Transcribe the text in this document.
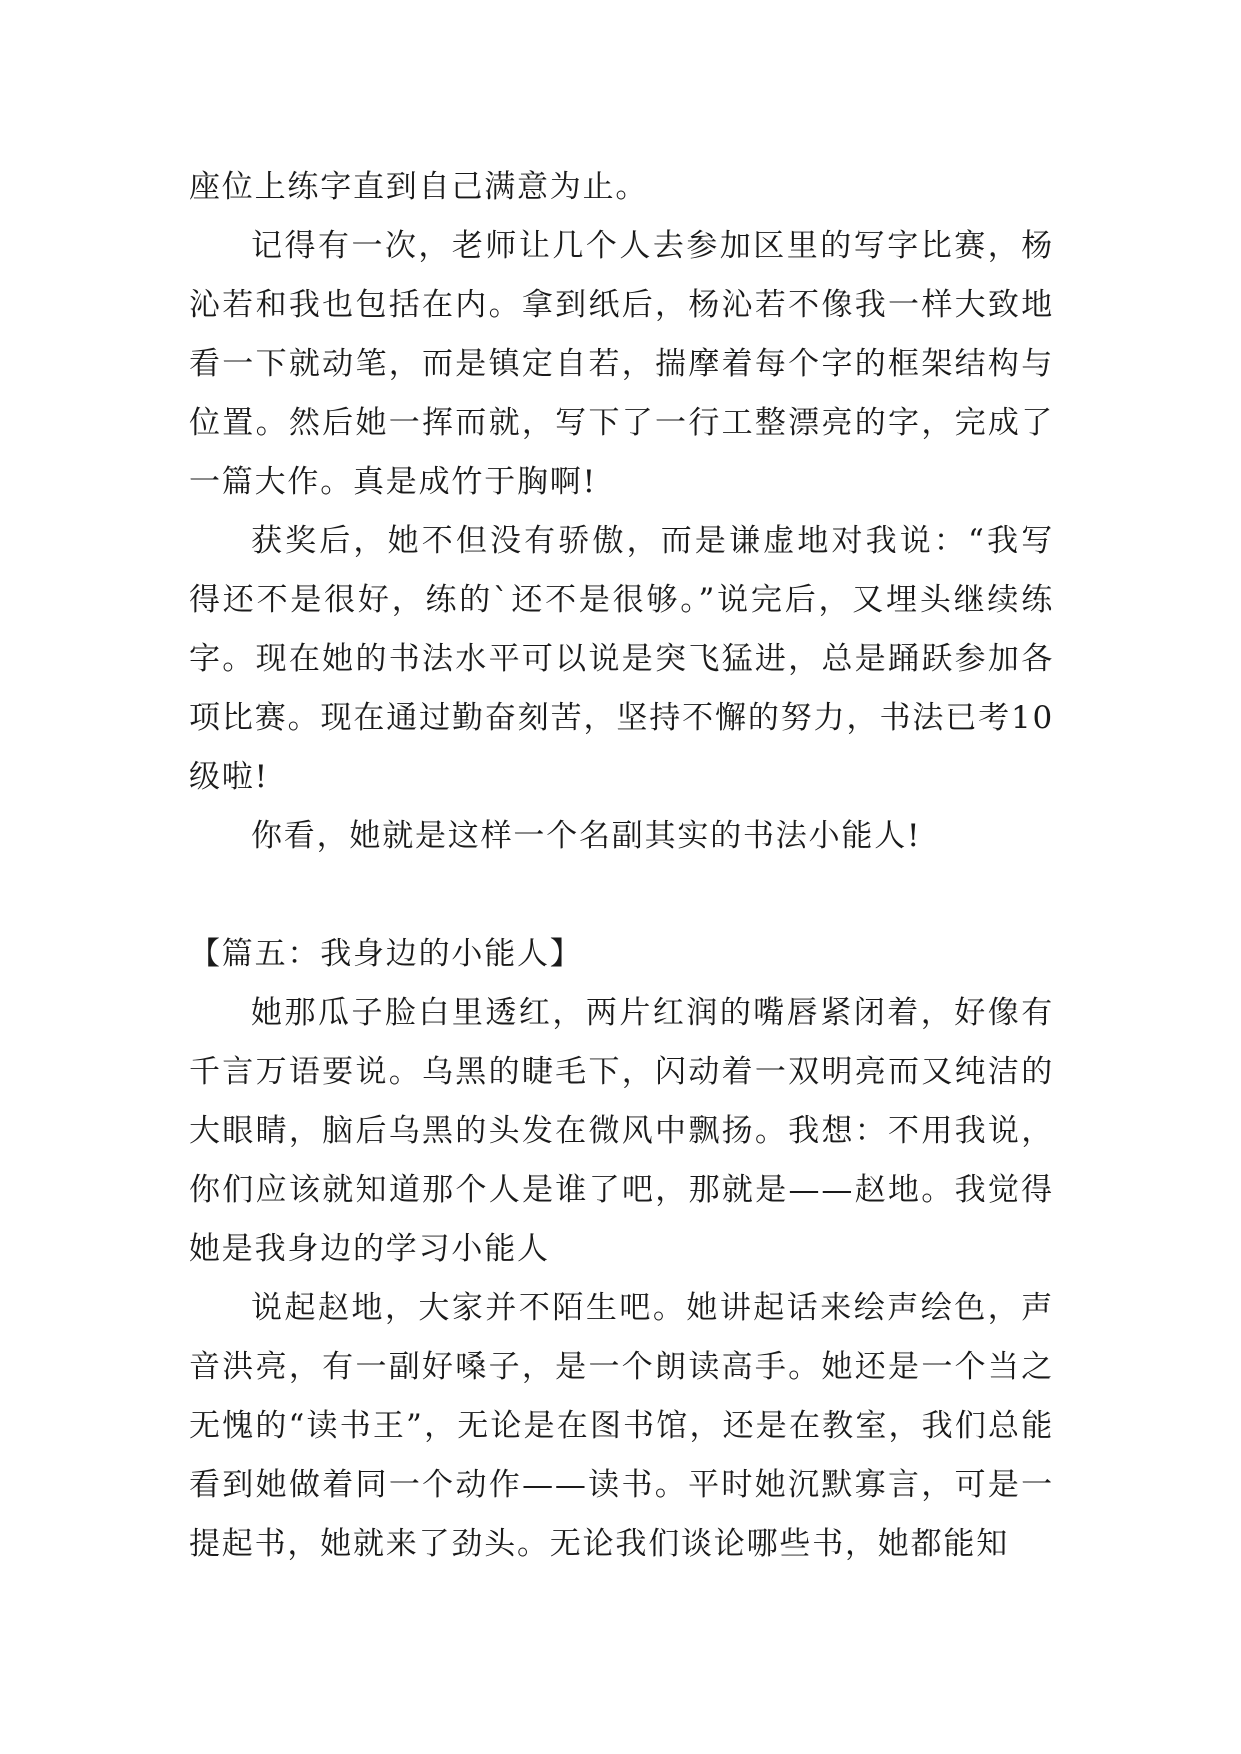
座位上练字直到自己满意为止。

记得有一次，老师让几个人去参加区里的写字比赛，杨沁若和我也包括在内。拿到纸后，杨沁若不像我一样大致地看一下就动笔，而是镇定自若，揣摩着每个字的框架结构与位置。然后她一挥而就，写下了一行工整漂亮的字，完成了一篇大作。真是成竹于胸啊!

获奖后，她不但没有骄傲，而是谦虚地对我说：“我写得还不是很好，练的`还不是很够。”说完后，又埋头继续练字。现在她的书法水平可以说是突飞猛进，总是踊跃参加各项比赛。现在通过勤奋刻苦，坚持不懈的努力，书法已考10级啦!

你看，她就是这样一个名副其实的书法小能人!

【篇五：我身边的小能人】

她那瓜子脸白里透红，两片红润的嘴唇紧闭着，好像有千言万语要说。乌黑的睫毛下，闪动着一双明亮而又纯洁的大眼睛，脑后乌黑的头发在微风中飘扬。我想：不用我说，你们应该就知道那个人是谁了吧，那就是——赵地。我觉得她是我身边的学习小能人

说起赵地，大家并不陌生吧。她讲起话来绘声绘色，声音洪亮，有一副好嗓子，是一个朗读高手。她还是一个当之无愧的“读书王”，无论是在图书馆，还是在教室，我们总能看到她做着同一个动作——读书。平时她沉默寡言，可是一提起书，她就来了劲头。无论我们谈论哪些书，她都能知
